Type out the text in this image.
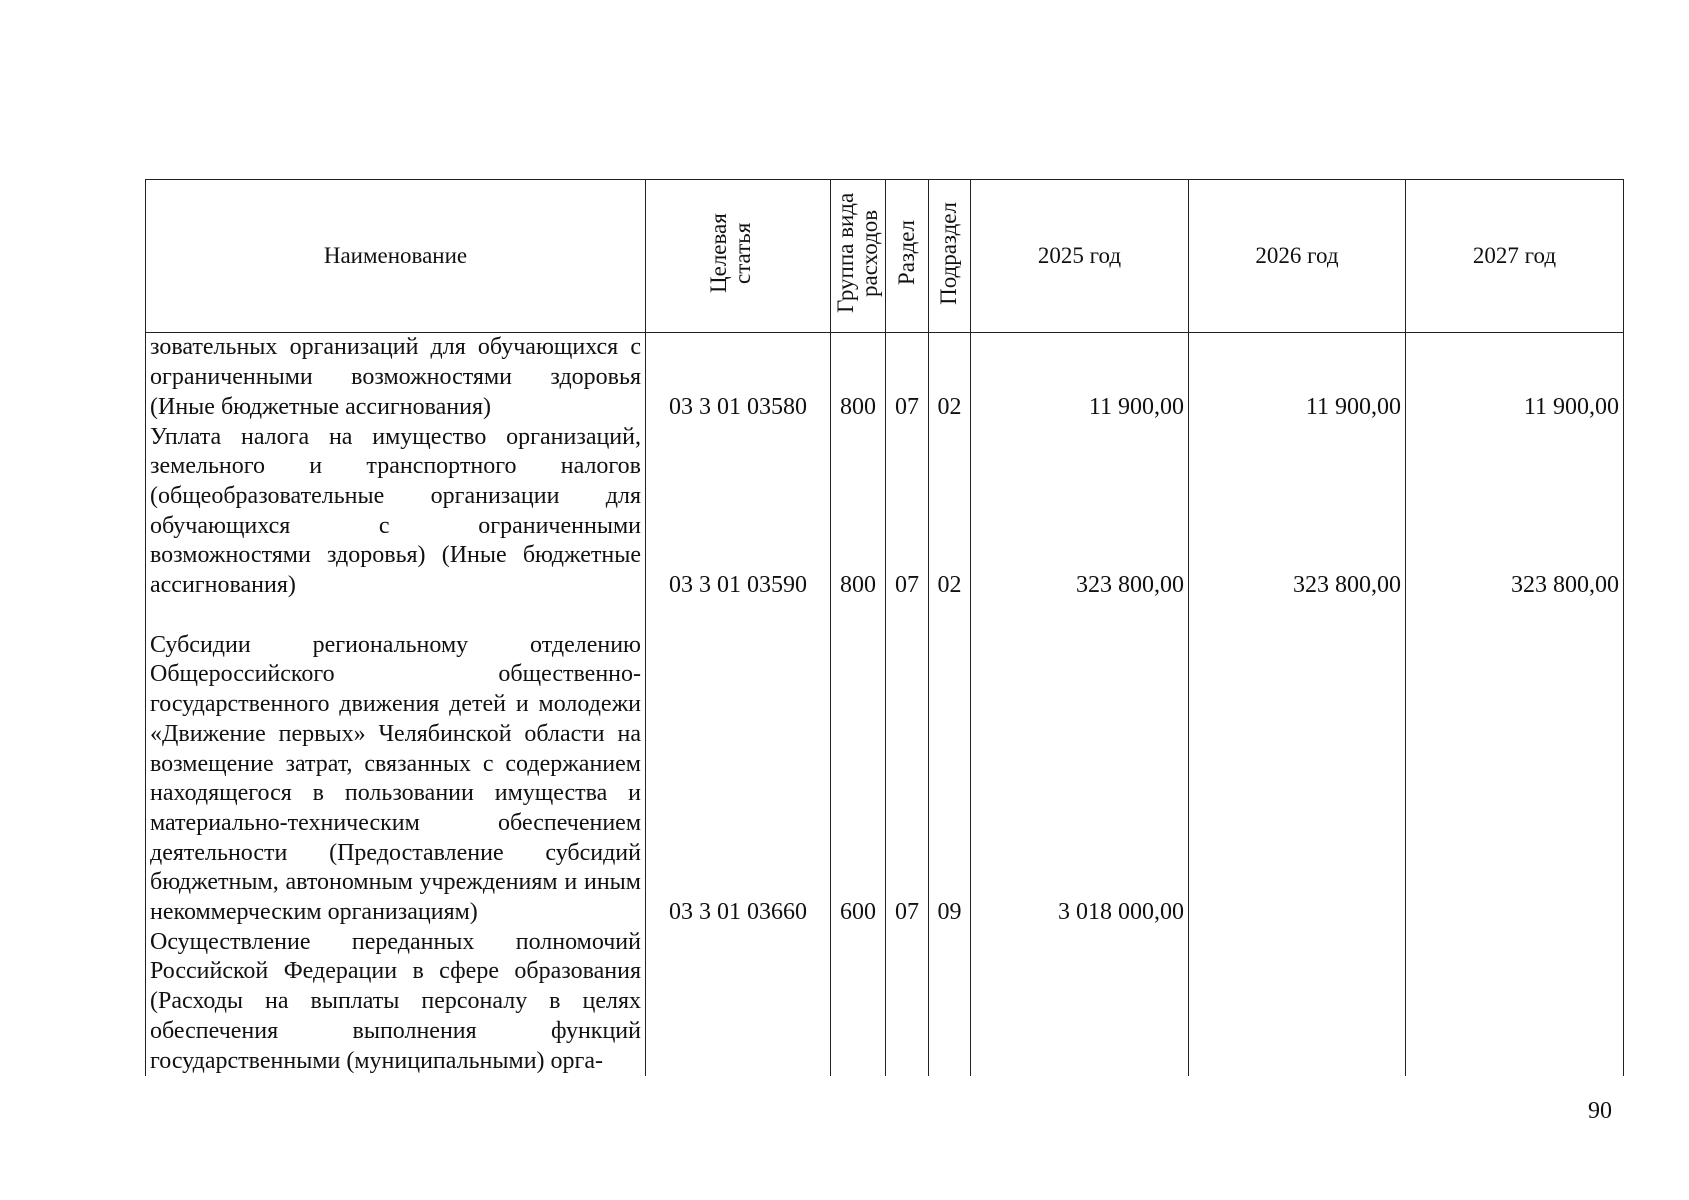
Наименование	Целевая статья	Группа вида расходов	Раздел	Подраздел	2025 год	2026 год	2027 год
зовательных организаций для обучающихся с ограниченными возможностями здоровья (Иные бюджетные ассигнования)	03 3 01 03580	800	07	02	11 900,00	11 900,00	11 900,00
Уплата налога на имущество организаций, земельного и транспортного налогов (общеобразовательные организации для обучающихся с ограниченными возможностями здоровья) (Иные бюджетные ассигнования)	03 3 01 03590	800	07	02	323 800,00	323 800,00	323 800,00
Субсидии региональному отделению Общероссийского общественно-государственного движения детей и молодежи «Движение первых» Челябинской области на возмещение затрат, связанных с содержанием находящегося в пользовании имущества и материально-техническим обеспечением деятельности (Предоставление субсидий бюджетным, автономным учреждениям и иным некоммерческим организациям)	03 3 01 03660	600	07	09	3 018 000,00		
Осуществление переданных полномочий Российской Федерации в сфере образования (Расходы на выплаты персоналу в целях обеспечения выполнения функций государственными (муниципальными) орга-							
90
